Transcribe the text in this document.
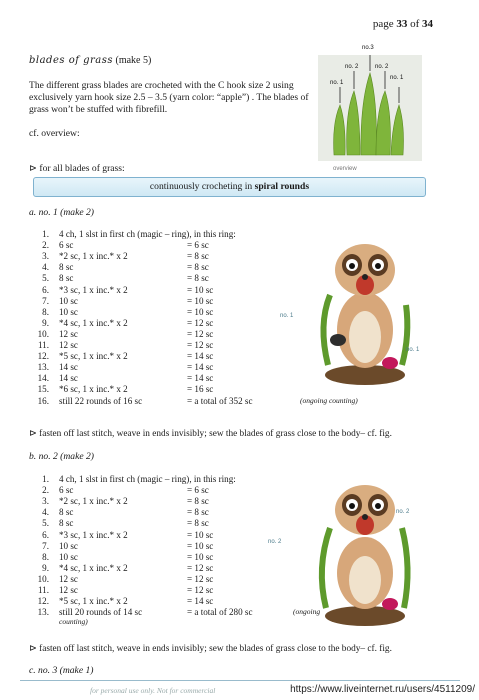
page 33 of 34
blades of grass (make 5)
The different grass blades are crocheted with the C hook size 2 using exclusively yarn hook size 2.5 – 3.5 (yarn color: “apple”) . The blades of grass won’t be stuffed with fibrefill.
cf. overview:
no.3
no. 2	no. 2
no. 1
no. 1
overview
⊳ for all blades of grass:
continuously crocheting in spiral rounds
a. no. 1 (make 2)
1. 4 ch, 1 slst in first ch (magic – ring), in this ring:
2. 6 sc	= 6 sc
3. *2 sc, 1 x inc.* x 2	= 8 sc
4. 8 sc	= 8 sc
5. 8 sc	= 8 sc
6. *3 sc, 1 x inc.* x 2	= 10 sc
7. 10 sc	= 10 sc
8. 10 sc	= 10 sc
9. *4 sc, 1 x inc.* x 2	= 12 sc
10. 12 sc	= 12 sc
11. 12 sc	= 12 sc
12. *5 sc, 1 x inc.* x 2	= 14 sc
13. 14 sc	= 14 sc
14. 14 sc	= 14 sc
15. *6 sc, 1 x inc.* x 2	= 16 sc
16. still 22 rounds of 16 sc	= a total of 352 sc	(ongoing counting)
no. 1
no. 1
⊳ fasten off last stitch, weave in ends invisibly; sew the blades of grass close to the body– cf. fig.
b. no. 2 (make 2)
1. 4 ch, 1 slst in first ch (magic – ring), in this ring:
2. 6 sc	= 6 sc
3. *2 sc, 1 x inc.* x 2	= 8 sc
4. 8 sc	= 8 sc
5. 8 sc	= 8 sc
6. *3 sc, 1 x inc.* x 2	= 10 sc
7. 10 sc	= 10 sc
8. 10 sc	= 10 sc
9. *4 sc, 1 x inc.* x 2	= 12 sc
10. 12 sc	= 12 sc
11. 12 sc	= 12 sc
12. *5 sc, 1 x inc.* x 2	= 14 sc
13. still 20 rounds of 14 sc	= a total of 280 sc	(ongoing
counting)
no. 2
no. 2
⊳ fasten off last stitch, weave in ends invisibly; sew the blades of grass close to the body– cf. fig.
c. no. 3 (make 1)
for personal use only. Not for commercial	https://www.liveinternet.ru/users/4511209/
